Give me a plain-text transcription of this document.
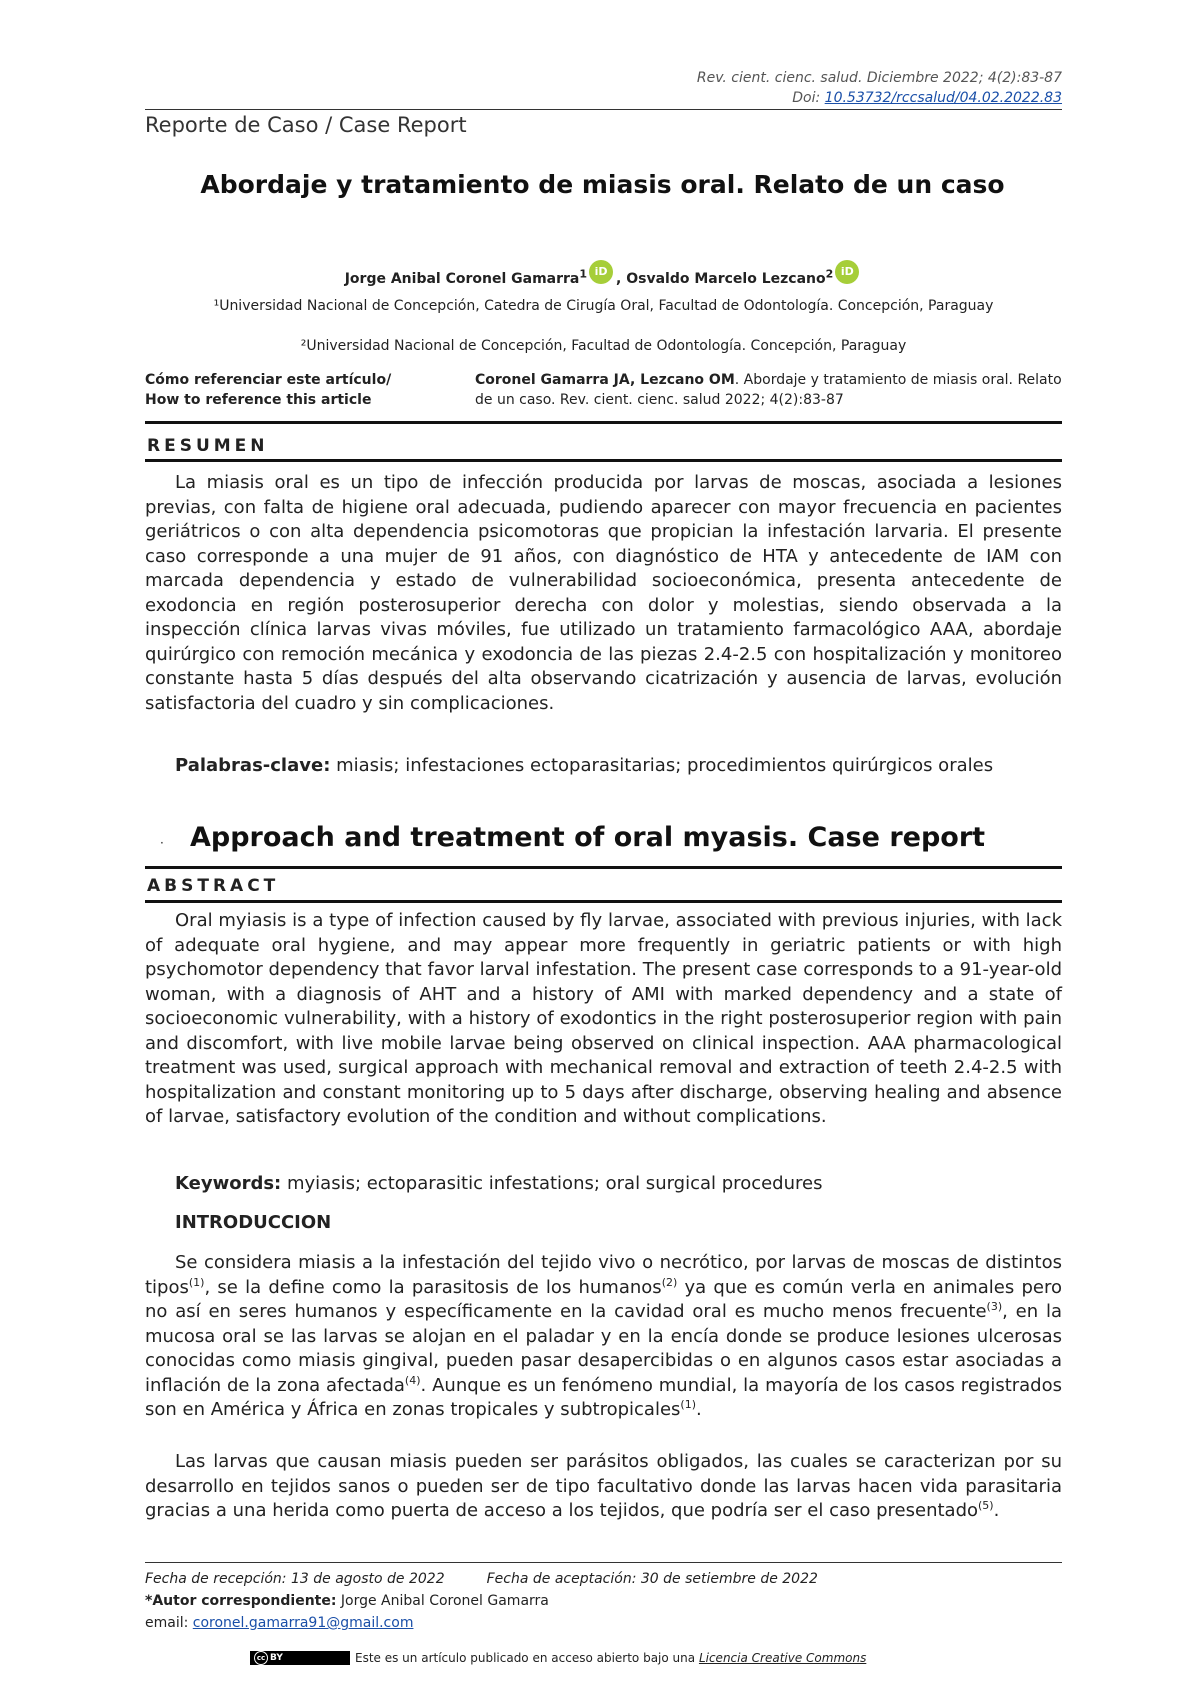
Rev. cient. cienc. salud. Diciembre 2022; 4(2):83-87
Doi: 10.53732/rccsalud/04.02.2022.83
Reporte de Caso / Case Report
Abordaje y tratamiento de miasis oral. Relato de un caso
Jorge Anibal Coronel Gamarra$^1$ iD , Osvaldo Marcelo Lezcano$^2$ iD
¹Universidad Nacional de Concepción, Catedra de Cirugía Oral, Facultad de Odontología. Concepción, Paraguay
²Universidad Nacional de Concepción, Facultad de Odontología. Concepción, Paraguay
Cómo referenciar este artículo/
How to reference this article
Coronel Gamarra JA, Lezcano OM. Abordaje y tratamiento de miasis oral. Relato de un caso. Rev. cient. cienc. salud 2022; 4(2):83-87
RESUMEN
La miasis oral es un tipo de infección producida por larvas de moscas, asociada a lesiones previas, con falta de higiene oral adecuada, pudiendo aparecer con mayor frecuencia en pacientes geriátricos o con alta dependencia psicomotoras que propician la infestación larvaria. El presente caso corresponde a una mujer de 91 años, con diagnóstico de HTA y antecedente de IAM con marcada dependencia y estado de vulnerabilidad socioeconómica, presenta antecedente de exodoncia en región posterosuperior derecha con dolor y molestias, siendo observada a la inspección clínica larvas vivas móviles, fue utilizado un tratamiento farmacológico AAA, abordaje quirúrgico con remoción mecánica y exodoncia de las piezas 2.4-2.5 con hospitalización y monitoreo constante hasta 5 días después del alta observando cicatrización y ausencia de larvas, evolución satisfactoria del cuadro y sin complicaciones.
Palabras-clave: miasis; infestaciones ectoparasitarias; procedimientos quirúrgicos orales
· Approach and treatment of oral myasis. Case report
ABSTRACT
Oral myiasis is a type of infection caused by fly larvae, associated with previous injuries, with lack of adequate oral hygiene, and may appear more frequently in geriatric patients or with high psychomotor dependency that favor larval infestation. The present case corresponds to a 91-year-old woman, with a diagnosis of AHT and a history of AMI with marked dependency and a state of socioeconomic vulnerability, with a history of exodontics in the right posterosuperior region with pain and discomfort, with live mobile larvae being observed on clinical inspection. AAA pharmacological treatment was used, surgical approach with mechanical removal and extraction of teeth 2.4-2.5 with hospitalization and constant monitoring up to 5 days after discharge, observing healing and absence of larvae, satisfactory evolution of the condition and without complications.
Keywords: myiasis; ectoparasitic infestations; oral surgical procedures
INTRODUCCION
Se considera miasis a la infestación del tejido vivo o necrótico, por larvas de moscas de distintos tipos$^{(1)}$, se la define como la parasitosis de los humanos$^{(2)}$ ya que es común verla en animales pero no así en seres humanos y específicamente en la cavidad oral es mucho menos frecuente$^{(3)}$, en la mucosa oral se las larvas se alojan en el paladar y en la encía donde se produce lesiones ulcerosas conocidas como miasis gingival, pueden pasar desapercibidas o en algunos casos estar asociadas a inflación de la zona afectada$^{(4)}$. Aunque es un fenómeno mundial, la mayoría de los casos registrados son en América y África en zonas tropicales y subtropicales$^{(1)}$.
Las larvas que causan miasis pueden ser parásitos obligados, las cuales se caracterizan por su desarrollo en tejidos sanos o pueden ser de tipo facultativo donde las larvas hacen vida parasitaria gracias a una herida como puerta de acceso a los tejidos, que podría ser el caso presentado$^{(5)}$.
Fecha de recepción: 13 de agosto de 2022	Fecha de aceptación: 30 de setiembre de 2022
*Autor correspondiente: Jorge Anibal Coronel Gamarra
email: coronel.gamarra91@gmail.com
cc BY	Este es un artículo publicado en acceso abierto bajo una Licencia Creative Commons
